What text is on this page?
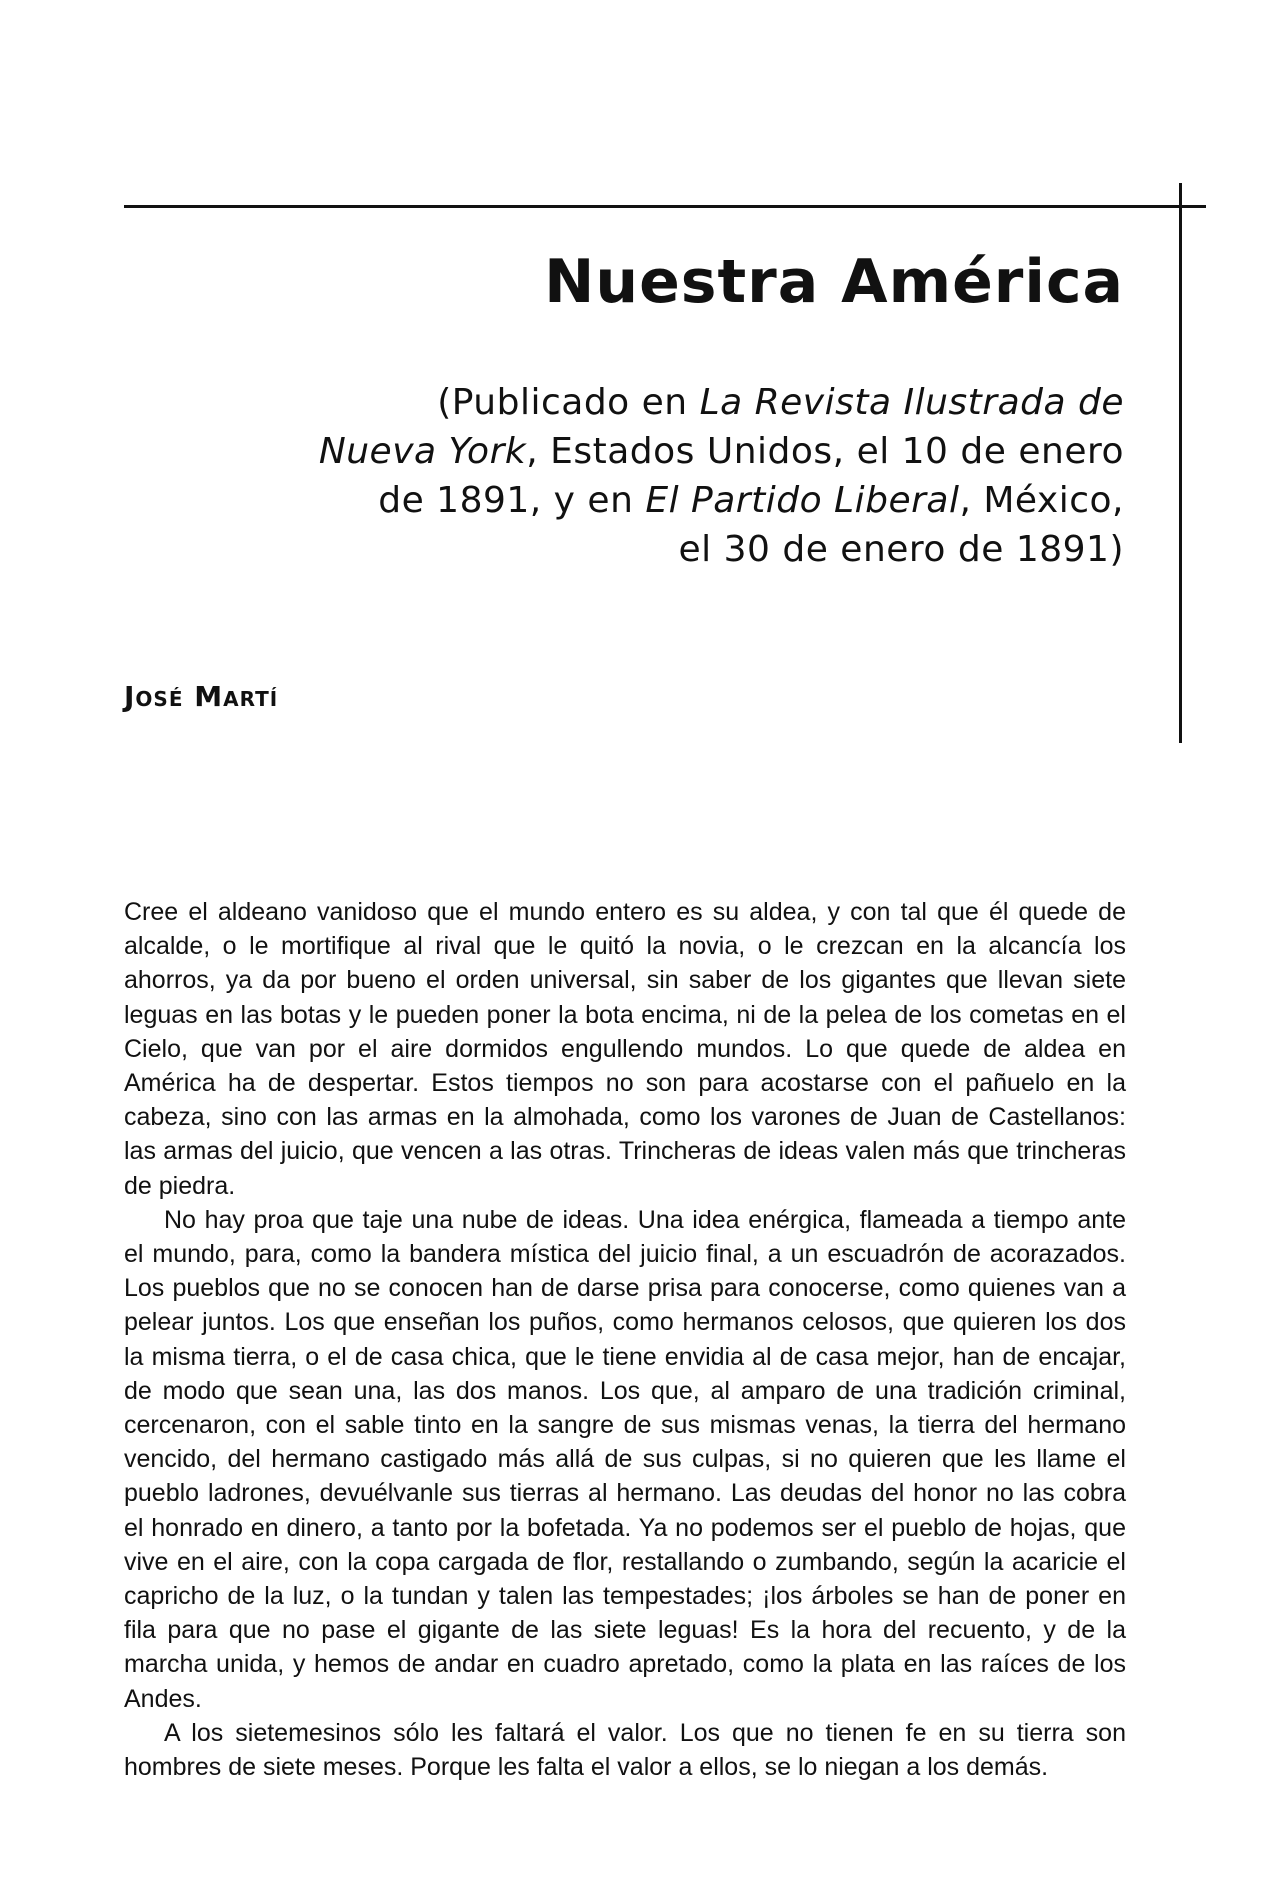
Nuestra América
(Publicado en La Revista Ilustrada de
Nueva York, Estados Unidos, el 10 de enero
de 1891, y en El Partido Liberal, México,
el 30 de enero de 1891)
José Martí

Cree el aldeano vanidoso que el mundo entero es su aldea, y con tal que él quede de alcalde, o le mortifique al rival que le quitó la novia, o le crezcan en la alcancía los ahorros, ya da por bueno el orden universal, sin saber de los gigantes que llevan siete leguas en las botas y le pueden poner la bota encima, ni de la pelea de los cometas en el Cielo, que van por el aire dormidos engullendo mundos. Lo que quede de aldea en América ha de despertar. Estos tiempos no son para acostarse con el pañuelo en la cabeza, sino con las armas en la almohada, como los varones de Juan de Castellanos: las armas del juicio, que vencen a las otras. Trincheras de ideas valen más que trincheras de piedra.

No hay proa que taje una nube de ideas. Una idea enérgica, flameada a tiempo ante el mundo, para, como la bandera mística del juicio final, a un escuadrón de acorazados. Los pueblos que no se conocen han de darse prisa para conocerse, como quienes van a pelear juntos. Los que enseñan los puños, como hermanos celosos, que quieren los dos la misma tierra, o el de casa chica, que le tiene envidia al de casa mejor, han de encajar, de modo que sean una, las dos manos. Los que, al amparo de una tradición criminal, cercenaron, con el sable tinto en la sangre de sus mismas venas, la tierra del hermano vencido, del hermano castigado más allá de sus culpas, si no quieren que les llame el pueblo ladrones, devuélvanle sus tierras al hermano. Las deudas del honor no las cobra el honrado en dinero, a tanto por la bofetada. Ya no podemos ser el pueblo de hojas, que vive en el aire, con la copa cargada de flor, restallando o zumbando, según la acaricie el capricho de la luz, o la tundan y talen las tempestades; ¡los árboles se han de poner en fila para que no pase el gigante de las siete leguas! Es la hora del recuento, y de la marcha unida, y hemos de andar en cuadro apretado, como la plata en las raíces de los Andes.

A los sietemesinos sólo les faltará el valor. Los que no tienen fe en su tierra son hombres de siete meses. Porque les falta el valor a ellos, se lo niegan a los demás.
